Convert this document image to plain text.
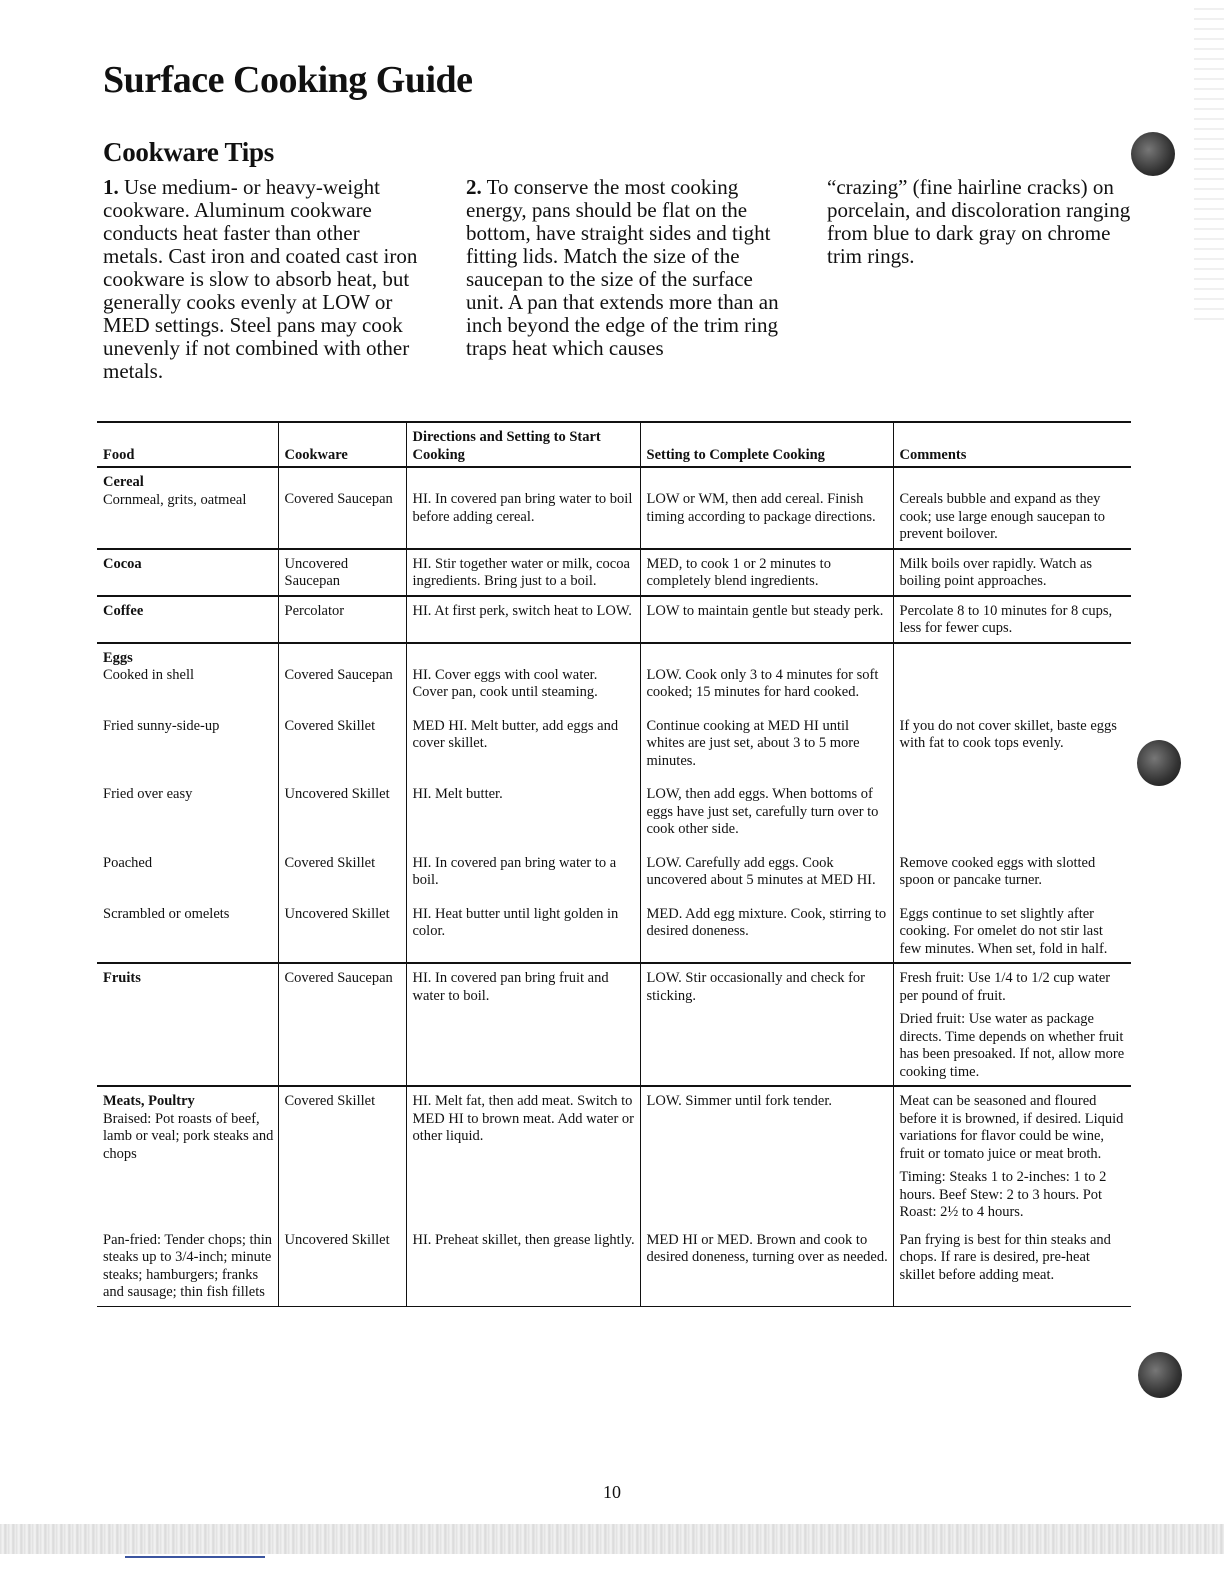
Surface Cooking Guide
Cookware Tips

1. Use medium- or heavy-weight cookware. Aluminum cookware conducts heat faster than other metals. Cast iron and coated cast iron cookware is slow to absorb heat, but generally cooks evenly at LOW or MED settings. Steel pans may cook unevenly if not combined with other metals.

2. To conserve the most cooking energy, pans should be flat on the bottom, have straight sides and tight fitting lids. Match the size of the saucepan to the size of the surface unit. A pan that extends more than an inch beyond the edge of the trim ring traps heat which causes

“crazing” (fine hairline cracks) on porcelain, and discoloration ranging from blue to dark gray on chrome trim rings.

Food	Cookware	Directions and Setting to Start Cooking	Setting to Complete Cooking	Comments

Cereal
Cornmeal, grits, oatmeal	Covered Saucepan	HI. In covered pan bring water to boil before adding cereal.	LOW or WM, then add cereal. Finish timing according to package directions.	Cereals bubble and expand as they cook; use large enough saucepan to prevent boilover.

Cocoa	Uncovered Saucepan	HI. Stir together water or milk, cocoa ingredients. Bring just to a boil.	MED, to cook 1 or 2 minutes to completely blend ingredients.	Milk boils over rapidly. Watch as boiling point approaches.

Coffee	Percolator	HI. At first perk, switch heat to LOW.	LOW to maintain gentle but steady perk.	Percolate 8 to 10 minutes for 8 cups, less for fewer cups.

Eggs
Cooked in shell	Covered Saucepan	HI. Cover eggs with cool water. Cover pan, cook until steaming.	LOW. Cook only 3 to 4 minutes for soft cooked; 15 minutes for hard cooked.	

Fried sunny-side-up	Covered Skillet	MED HI. Melt butter, add eggs and cover skillet.	Continue cooking at MED HI until whites are just set, about 3 to 5 more minutes.	If you do not cover skillet, baste eggs with fat to cook tops evenly.
Fried over easy	Uncovered Skillet	HI. Melt butter.	LOW, then add eggs. When bottoms of eggs have just set, carefully turn over to cook other side.	
Poached	Covered Skillet	HI. In covered pan bring water to a boil.	LOW. Carefully add eggs. Cook uncovered about 5 minutes at MED HI.	Remove cooked eggs with slotted spoon or pancake turner.
Scrambled or omelets	Uncovered Skillet	HI. Heat butter until light golden in color.	MED. Add egg mixture. Cook, stirring to desired doneness.	Eggs continue to set slightly after cooking. For omelet do not stir last few minutes. When set, fold in half.

Fruits	Covered Saucepan	HI. In covered pan bring fruit and water to boil.	LOW. Stir occasionally and check for sticking.	Fresh fruit: Use 1/4 to 1/2 cup water per pound of fruit.
Dried fruit: Use water as package directs. Time depends on whether fruit has been presoaked. If not, allow more cooking time.

Meats, Poultry
Braised: Pot roasts of beef, lamb or veal; pork steaks and chops	Covered Skillet	HI. Melt fat, then add meat. Switch to MED HI to brown meat. Add water or other liquid.	LOW. Simmer until fork tender.	Meat can be seasoned and floured before it is browned, if desired. Liquid variations for flavor could be wine, fruit or tomato juice or meat broth.
Timing: Steaks 1 to 2-inches: 1 to 2 hours. Beef Stew: 2 to 3 hours. Pot Roast: 2½ to 4 hours.

Pan-fried: Tender chops; thin steaks up to 3/4-inch; minute steaks; hamburgers; franks and sausage; thin fish fillets	Uncovered Skillet	HI. Preheat skillet, then grease lightly.	MED HI or MED. Brown and cook to desired doneness, turning over as needed.	Pan frying is best for thin steaks and chops. If rare is desired, pre-heat skillet before adding meat.

10
